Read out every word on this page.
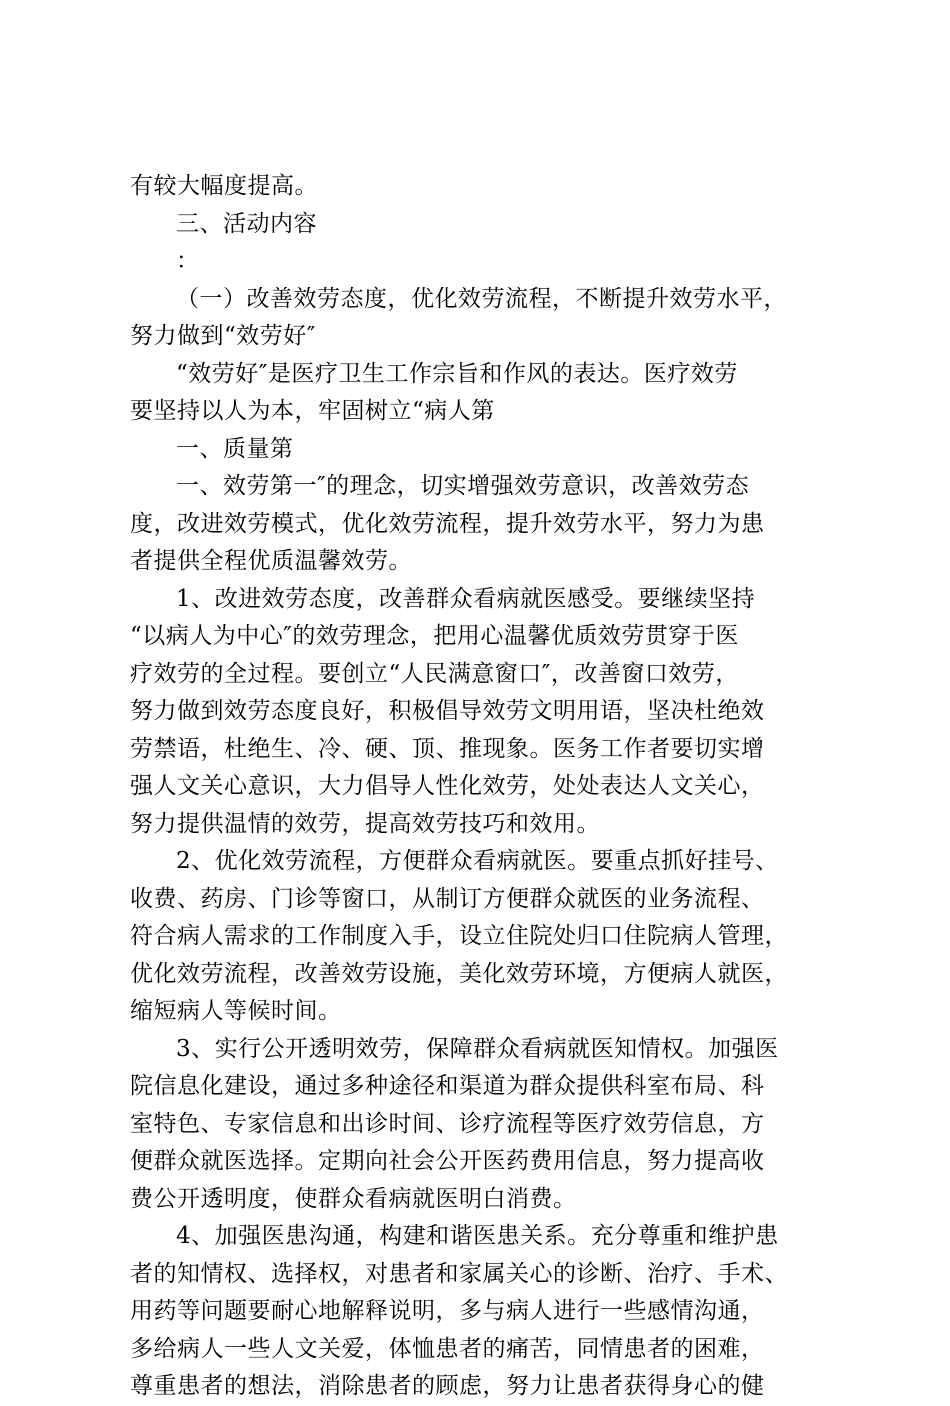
有较大幅度提高。
三、活动内容
：
（一）改善效劳态度，优化效劳流程，不断提升效劳水平，
努力做到“效劳好″
“效劳好″是医疗卫生工作宗旨和作风的表达。医疗效劳
要坚持以人为本，牢固树立“病人第
一、质量第
一、效劳第一″的理念，切实增强效劳意识，改善效劳态
度，改进效劳模式，优化效劳流程，提升效劳水平，努力为患
者提供全程优质温馨效劳。
1、改进效劳态度，改善群众看病就医感受。要继续坚持
“以病人为中心″的效劳理念，把用心温馨优质效劳贯穿于医
疗效劳的全过程。要创立“人民满意窗口″，改善窗口效劳，
努力做到效劳态度良好，积极倡导效劳文明用语，坚决杜绝效
劳禁语，杜绝生、冷、硬、顶、推现象。医务工作者要切实增
强人文关心意识，大力倡导人性化效劳，处处表达人文关心，
努力提供温情的效劳，提高效劳技巧和效用。
2、优化效劳流程，方便群众看病就医。要重点抓好挂号、
收费、药房、门诊等窗口，从制订方便群众就医的业务流程、
符合病人需求的工作制度入手，设立住院处归口住院病人管理，
优化效劳流程，改善效劳设施，美化效劳环境，方便病人就医，
缩短病人等候时间。
3、实行公开透明效劳，保障群众看病就医知情权。加强医
院信息化建设，通过多种途径和渠道为群众提供科室布局、科
室特色、专家信息和出诊时间、诊疗流程等医疗效劳信息，方
便群众就医选择。定期向社会公开医药费用信息，努力提高收
费公开透明度，使群众看病就医明白消费。
4、加强医患沟通，构建和谐医患关系。充分尊重和维护患
者的知情权、选择权，对患者和家属关心的诊断、治疗、手术、
用药等问题要耐心地解释说明，多与病人进行一些感情沟通，
多给病人一些人文关爱，体恤患者的痛苦，同情患者的困难，
尊重患者的想法，消除患者的顾虑，努力让患者获得身心的健
